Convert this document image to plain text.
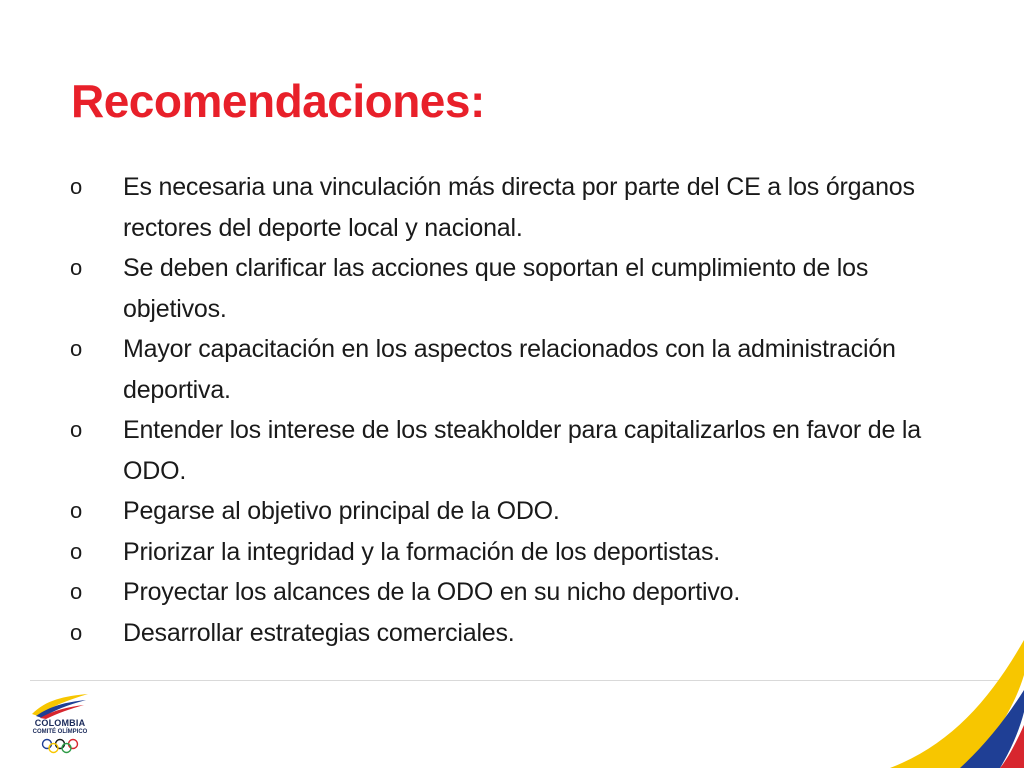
Recomendaciones:
o Es necesaria una vinculación más directa por parte del CE a los órganos rectores del deporte local y nacional.
o Se deben clarificar las acciones que soportan el cumplimiento de los objetivos.
o Mayor capacitación en los aspectos relacionados con la administración deportiva.
o Entender los interese de los steakholder para capitalizarlos en favor de la ODO.
o Pegarse al objetivo principal de la ODO.
o Priorizar la integridad y la formación de los deportistas.
o Proyectar los alcances de la ODO en su nicho deportivo.
o Desarrollar estrategias comerciales.
COLOMBIA
COMITÉ OLÍMPICO
